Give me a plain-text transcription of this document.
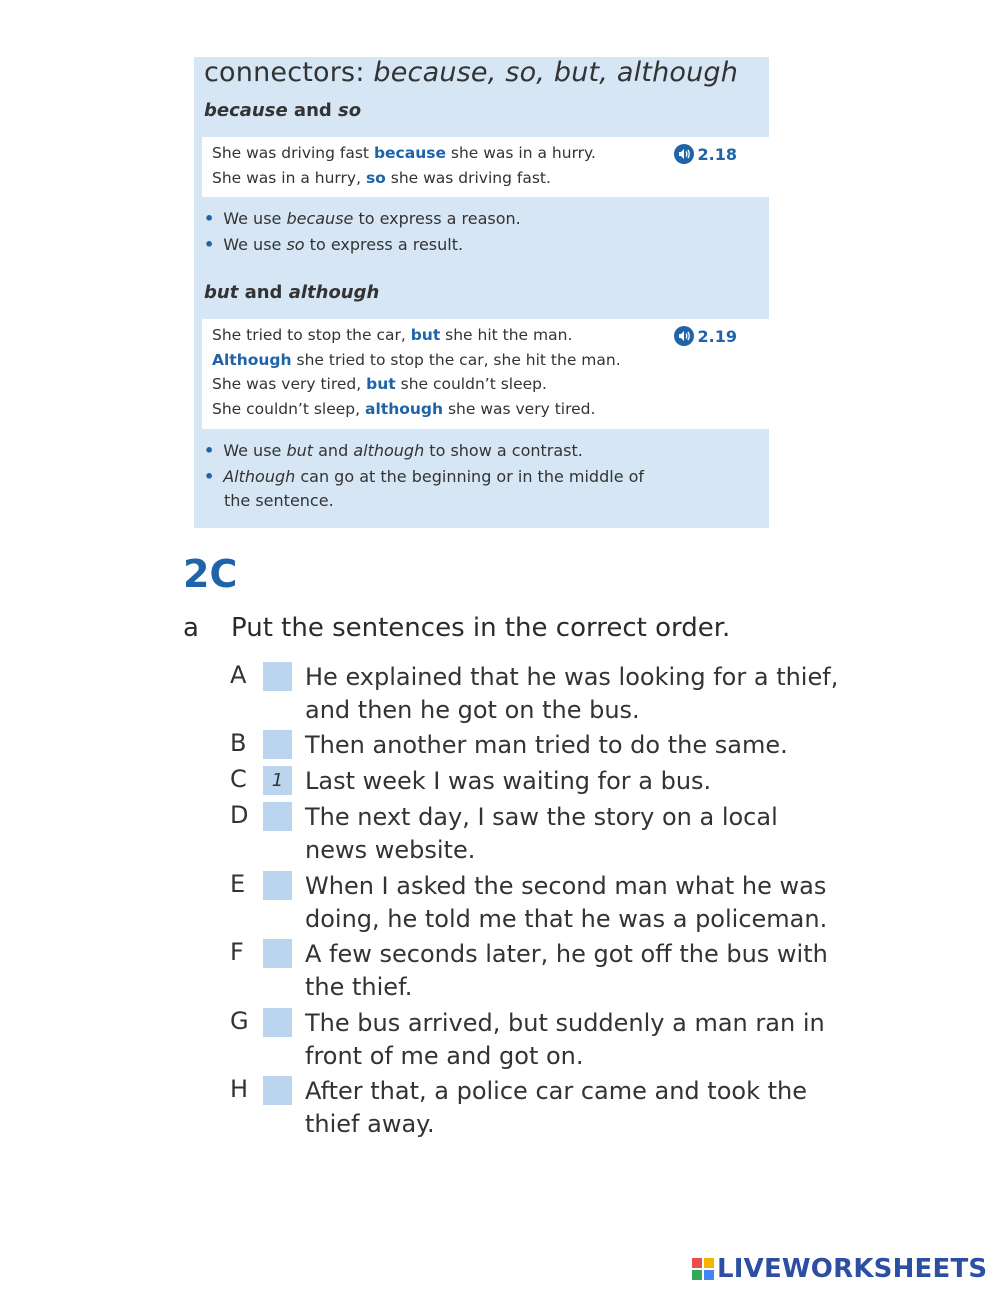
connectors: because, so, but, although
because and so
She was driving fast because she was in a hurry.
She was in a hurry, so she was driving fast.
2.18
• We use because to express a reason.
• We use so to express a result.
but and although
She tried to stop the car, but she hit the man.
Although she tried to stop the car, she hit the man.
She was very tired, but she couldn’t sleep.
She couldn’t sleep, although she was very tired.
2.19
• We use but and although to show a contrast.
• Although can go at the beginning or in the middle of
the sentence.
2C
a Put the sentences in the correct order.
A He explained that he was looking for a thief,
and then he got on the bus.
B Then another man tried to do the same.
C	1 Last week I was waiting for a bus.
D The next day, I saw the story on a local
news website.
E When I asked the second man what he was
doing, he told me that he was a policeman.
F	A few seconds later, he got off the bus with
the thief.
G The bus arrived, but suddenly a man ran in
front of me and got on.
H After that, a police car came and took the
thief away.
LIVEWORKSHEETS
